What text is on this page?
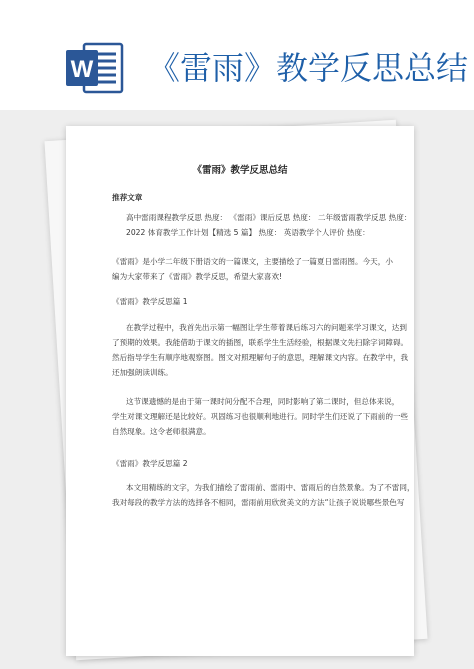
W 《雷雨》教学反思总结
《雷雨》教学反思总结
推荐文章
高中雷雨课程教学反思 热度： 《雷雨》课后反思 热度： 二年级雷雨教学反思 热度：
2022 体育教学工作计划【精选 5 篇】 热度： 英语教学个人评价 热度：
《雷雨》是小学二年级下册语文的一篇课文，主要描绘了一篇夏日雷雨图。今天，小
编为大家带来了《雷雨》教学反思，希望大家喜欢!
《雷雨》教学反思篇 1
在教学过程中，我首先出示第一幅图让学生带着课后练习六的问题来学习课文，达到
了预期的效果。我能借助于课文的插图，联系学生生活经验，根据课文先扫除字词障碍。
然后指导学生有顺序地观察图。图文对照理解句子的意思，理解课文内容。在教学中，我
还加强朗读训练。
这节课遗憾的是由于第一课时间分配不合理，同时影响了第二课时，但总体来说，
学生对课文理解还是比较好。巩固练习也很顺利地进行。同时学生们还说了下雨前的一些
自然现象。这令老师很满意。
《雷雨》教学反思篇 2
本文用精练的文字，为我们描绘了雷雨前、雷雨中、雷雨后的自然景象。为了不雷同，
我对每段的教学方法的选择各不相同，雷雨前用欣赏美文的方法“让孩子说说哪些景色写
